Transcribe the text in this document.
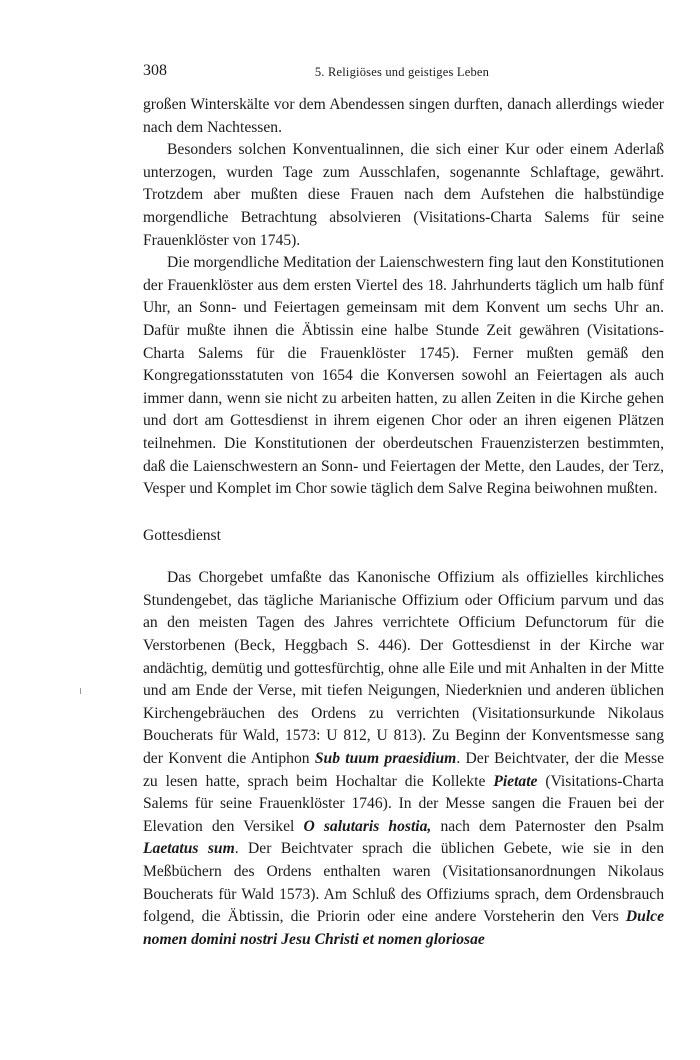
308	5. Religiöses und geistiges Leben

großen Winterskälte vor dem Abendessen singen durften, danach allerdings wieder nach dem Nachtessen.

Besonders solchen Konventualinnen, die sich einer Kur oder einem Aderlaß unterzogen, wurden Tage zum Ausschlafen, sogenannte Schlaftage, gewährt. Trotzdem aber mußten diese Frauen nach dem Aufstehen die halbstündige morgendliche Betrachtung absolvieren (Visitations-Charta Salems für seine Frauenklöster von 1745).

Die morgendliche Meditation der Laienschwestern fing laut den Konstitutionen der Frauenklöster aus dem ersten Viertel des 18. Jahrhunderts täglich um halb fünf Uhr, an Sonn- und Feiertagen gemeinsam mit dem Konvent um sechs Uhr an. Dafür mußte ihnen die Äbtissin eine halbe Stunde Zeit gewähren (Visitations-Charta Salems für die Frauenklöster 1745). Ferner mußten gemäß den Kongregationsstatuten von 1654 die Konversen sowohl an Feiertagen als auch immer dann, wenn sie nicht zu arbeiten hatten, zu allen Zeiten in die Kirche gehen und dort am Gottesdienst in ihrem eigenen Chor oder an ihren eigenen Plätzen teilnehmen. Die Konstitutionen der oberdeutschen Frauenzisterzen bestimmten, daß die Laienschwestern an Sonn- und Feiertagen der Mette, den Laudes, der Terz, Vesper und Komplet im Chor sowie täglich dem Salve Regina beiwohnen mußten.

Gottesdienst

Das Chorgebet umfaßte das Kanonische Offizium als offizielles kirchliches Stundengebet, das tägliche Marianische Offizium oder Officium parvum und das an den meisten Tagen des Jahres verrichtete Officium Defunctorum für die Verstorbenen (Beck, Heggbach S. 446). Der Gottesdienst in der Kirche war andächtig, demütig und gottesfürchtig, ohne alle Eile und mit Anhalten in der Mitte und am Ende der Verse, mit tiefen Neigungen, Niederknien und anderen üblichen Kirchengebräuchen des Ordens zu verrichten (Visitationsurkunde Nikolaus Boucherats für Wald, 1573: U 812, U 813). Zu Beginn der Konventsmesse sang der Konvent die Antiphon Sub tuum praesidium. Der Beichtvater, der die Messe zu lesen hatte, sprach beim Hochaltar die Kollekte Pietate (Visitations-Charta Salems für seine Frauenklöster 1746). In der Messe sangen die Frauen bei der Elevation den Versikel O salutaris hostia, nach dem Paternoster den Psalm Laetatus sum. Der Beichtvater sprach die üblichen Gebete, wie sie in den Meßbüchern des Ordens enthalten waren (Visitationsanordnungen Nikolaus Boucherats für Wald 1573). Am Schluß des Offiziums sprach, dem Ordensbrauch folgend, die Äbtissin, die Priorin oder eine andere Vorsteherin den Vers Dulce nomen domini nostri Jesu Christi et nomen gloriosae
